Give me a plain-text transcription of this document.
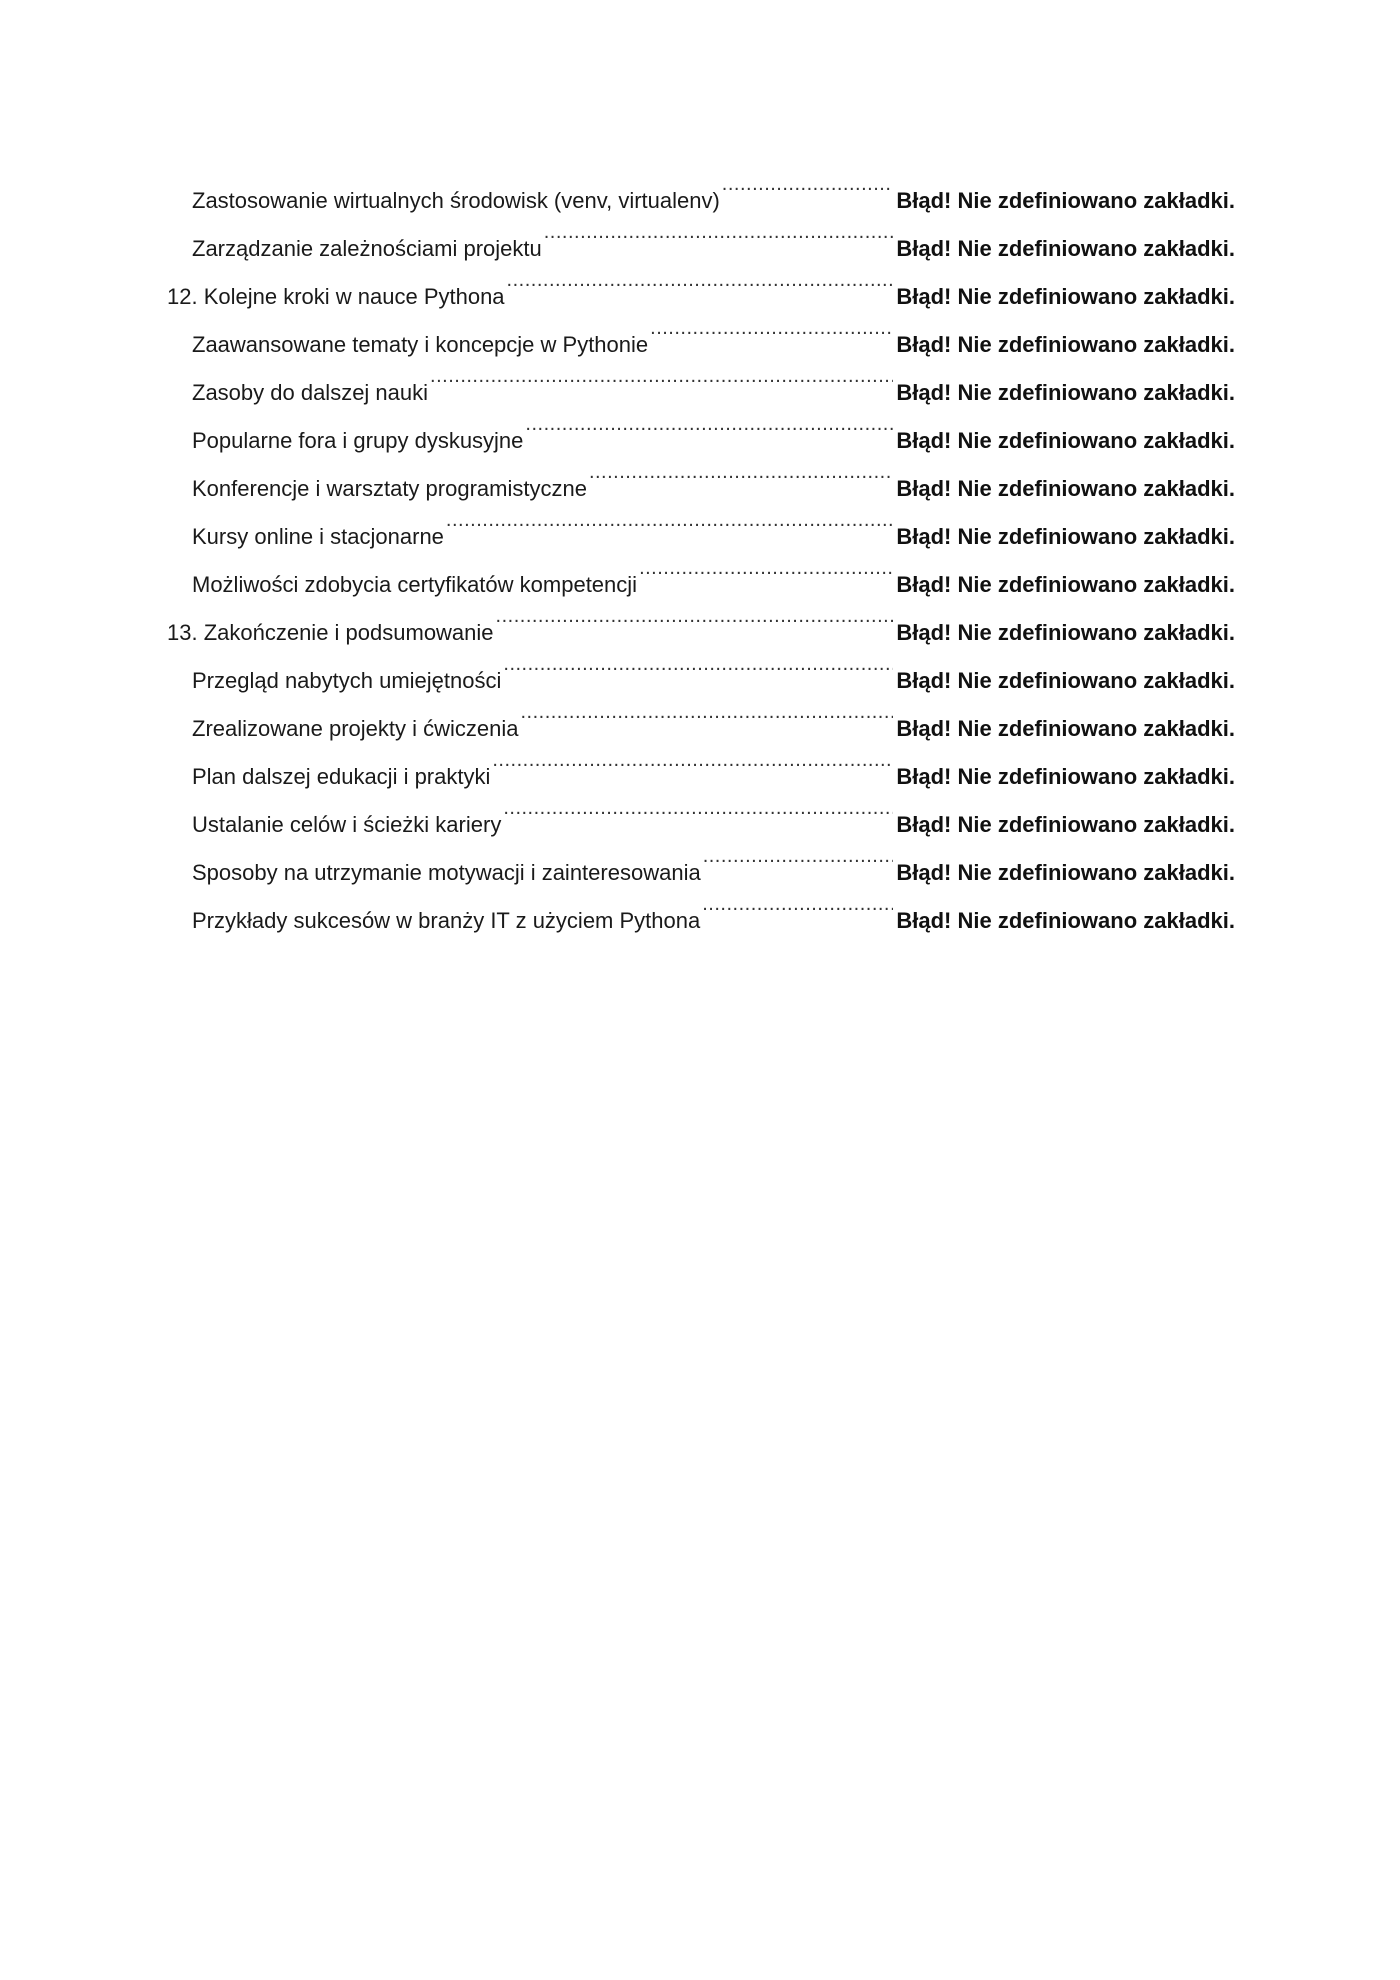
Zastosowanie wirtualnych środowisk (venv, virtualenv) .....	Błąd! Nie zdefiniowano zakładki.
Zarządzanie zależnościami projektu .....	Błąd! Nie zdefiniowano zakładki.
12. Kolejne kroki w nauce Pythona .....	Błąd! Nie zdefiniowano zakładki.
Zaawansowane tematy i koncepcje w Pythonie .....	Błąd! Nie zdefiniowano zakładki.
Zasoby do dalszej nauki .....	Błąd! Nie zdefiniowano zakładki.
Popularne fora i grupy dyskusyjne .....	Błąd! Nie zdefiniowano zakładki.
Konferencje i warsztaty programistyczne .....	Błąd! Nie zdefiniowano zakładki.
Kursy online i stacjonarne .....	Błąd! Nie zdefiniowano zakładki.
Możliwości zdobycia certyfikatów kompetencji .....	Błąd! Nie zdefiniowano zakładki.
13. Zakończenie i podsumowanie .....	Błąd! Nie zdefiniowano zakładki.
Przegląd nabytych umiejętności .....	Błąd! Nie zdefiniowano zakładki.
Zrealizowane projekty i ćwiczenia .....	Błąd! Nie zdefiniowano zakładki.
Plan dalszej edukacji i praktyki .....	Błąd! Nie zdefiniowano zakładki.
Ustalanie celów i ścieżki kariery .....	Błąd! Nie zdefiniowano zakładki.
Sposoby na utrzymanie motywacji i zainteresowania .....	Błąd! Nie zdefiniowano zakładki.
Przykłady sukcesów w branży IT z użyciem Pythona .....	Błąd! Nie zdefiniowano zakładki.
